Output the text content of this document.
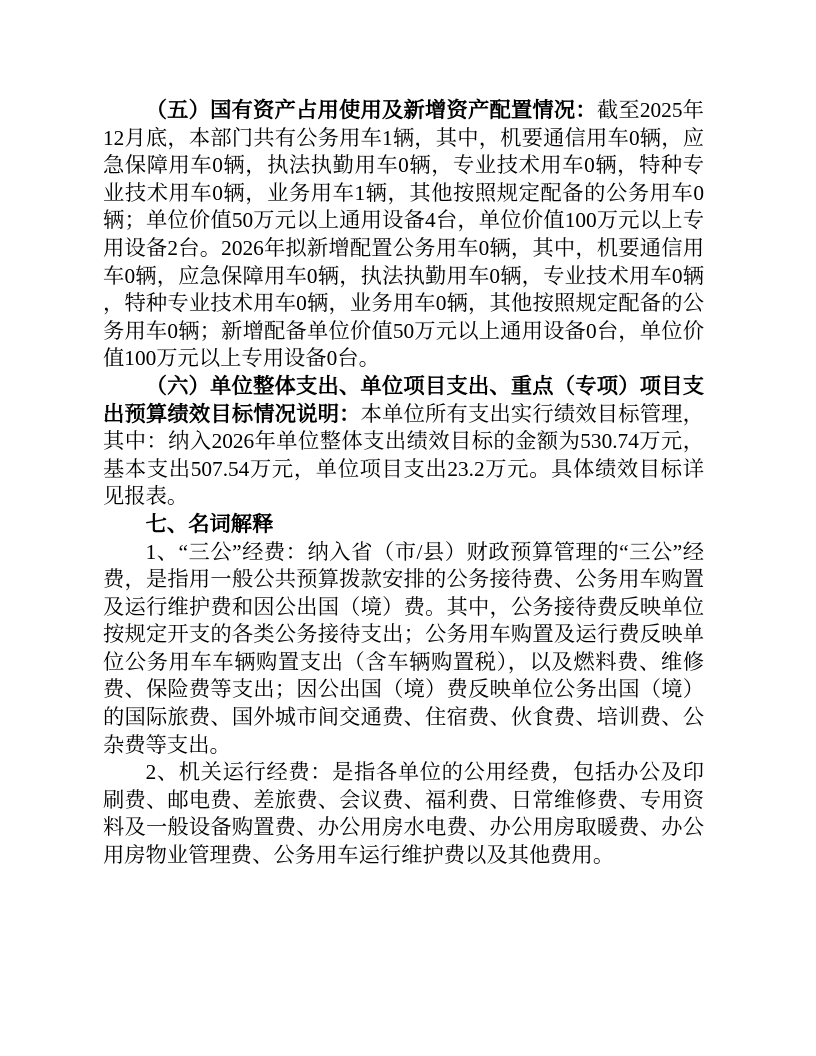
（五）国有资产占用使用及新增资产配置情况：截至2025年12月底，本部门共有公务用车1辆，其中，机要通信用车0辆，应急保障用车0辆，执法执勤用车0辆，专业技术用车0辆，特种专业技术用车0辆，业务用车1辆，其他按照规定配备的公务用车0辆；单位价值50万元以上通用设备4台，单位价值100万元以上专用设备2台。2026年拟新增配置公务用车0辆，其中，机要通信用车0辆，应急保障用车0辆，执法执勤用车0辆，专业技术用车0辆，特种专业技术用车0辆，业务用车0辆，其他按照规定配备的公务用车0辆；新增配备单位价值50万元以上通用设备0台，单位价值100万元以上专用设备0台。

（六）单位整体支出、单位项目支出、重点（专项）项目支出预算绩效目标情况说明：本单位所有支出实行绩效目标管理，其中：纳入2026年单位整体支出绩效目标的金额为530.74万元，基本支出507.54万元，单位项目支出23.2万元。具体绩效目标详见报表。

七、名词解释

1、“三公”经费：纳入省（市/县）财政预算管理的“三公”经费，是指用一般公共预算拨款安排的公务接待费、公务用车购置及运行维护费和因公出国（境）费。其中，公务接待费反映单位按规定开支的各类公务接待支出；公务用车购置及运行费反映单位公务用车车辆购置支出（含车辆购置税），以及燃料费、维修费、保险费等支出；因公出国（境）费反映单位公务出国（境）的国际旅费、国外城市间交通费、住宿费、伙食费、培训费、公杂费等支出。

2、机关运行经费：是指各单位的公用经费，包括办公及印刷费、邮电费、差旅费、会议费、福利费、日常维修费、专用资料及一般设备购置费、办公用房水电费、办公用房取暖费、办公用房物业管理费、公务用车运行维护费以及其他费用。
